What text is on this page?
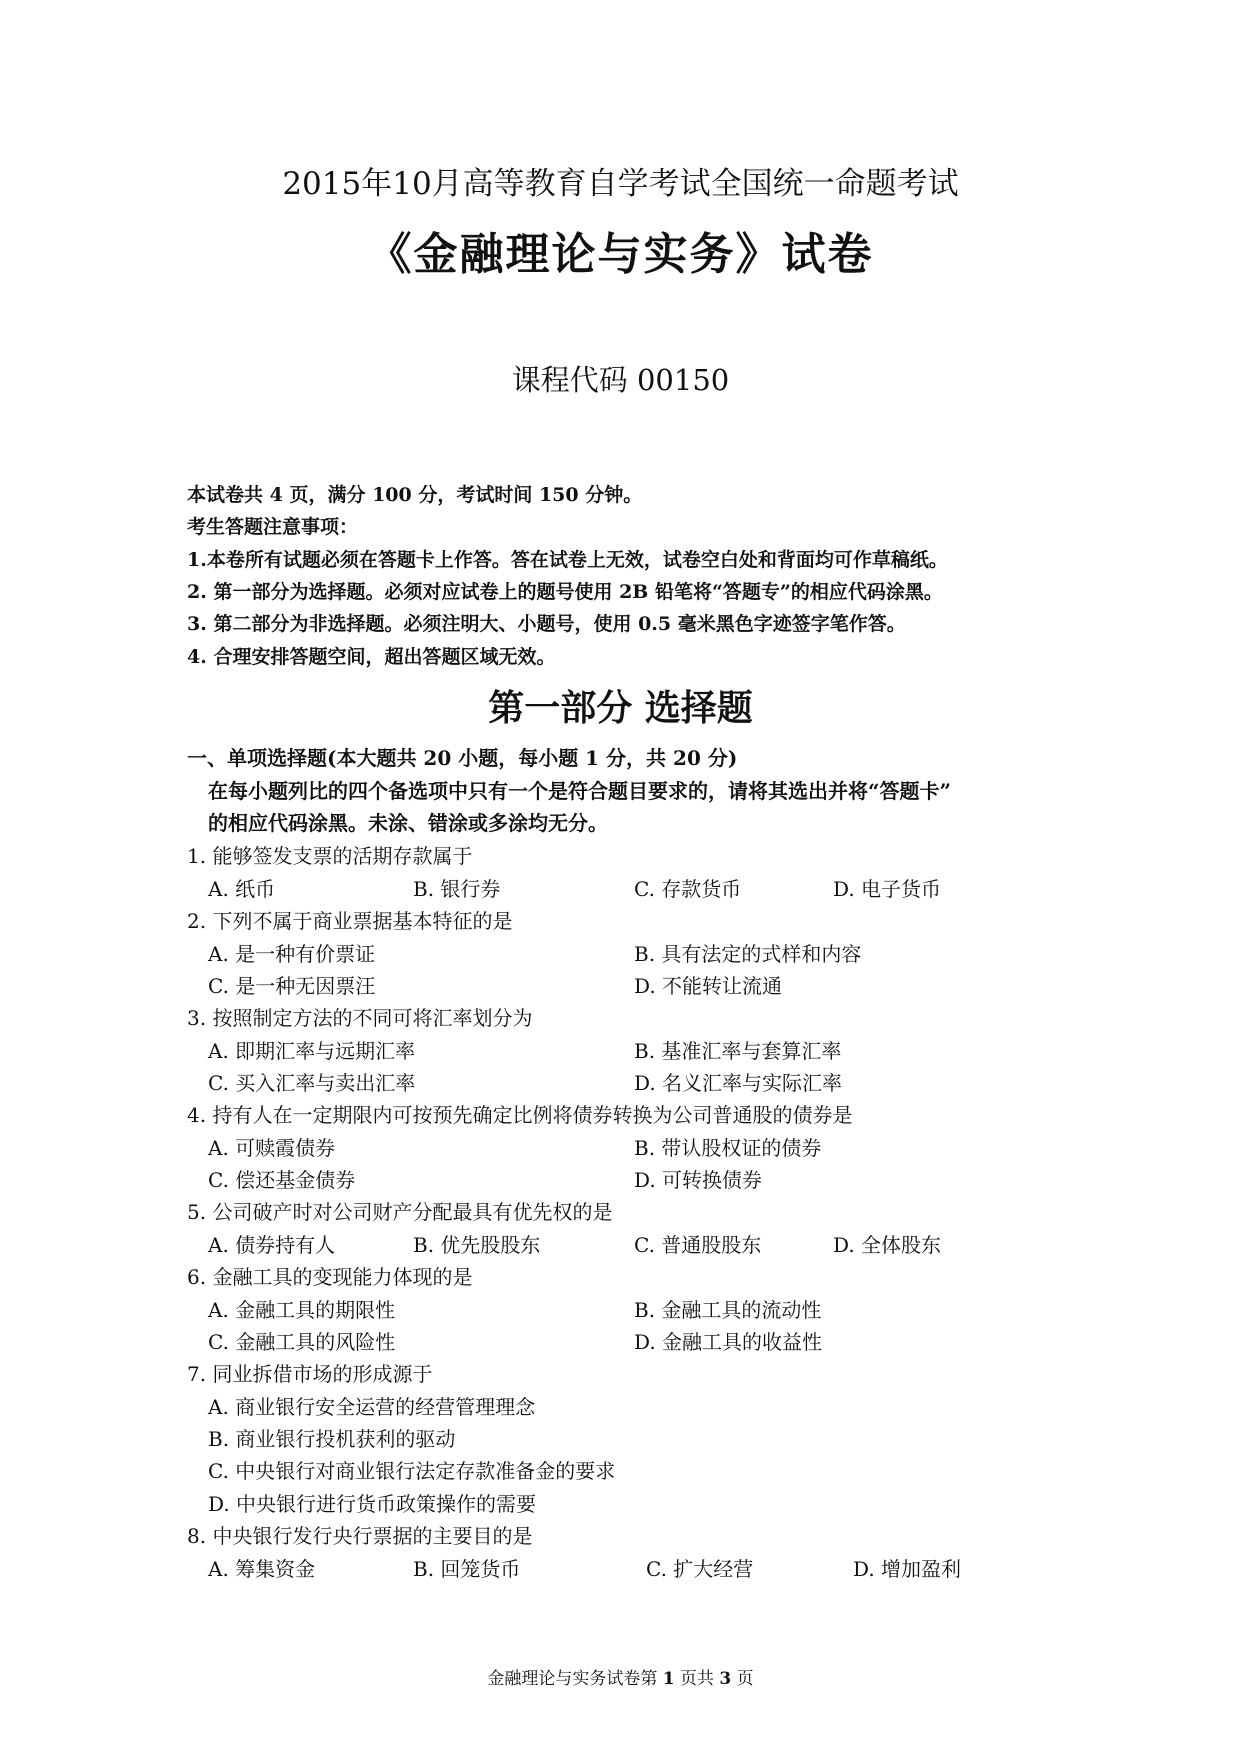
2015年10月高等教育自学考试全国统一命题考试
《金融理论与实务》试卷
课程代码 00150
本试卷共 4 页，满分 100 分，考试时间 150 分钟。
考生答题注意事项：
1.本卷所有试题必须在答题卡上作答。答在试卷上无效，试卷空白处和背面均可作草稿纸。
2. 第一部分为选择题。必须对应试卷上的题号使用 2B 铅笔将“答题专”的相应代码涂黑。
3. 第二部分为非选择题。必须注明大、小题号，使用 0.5 毫米黑色字迹签字笔作答。
4. 合理安排答题空间，超出答题区域无效。
第一部分 选择题
一、单项选择题(本大题共 20 小题，每小题 1 分，共 20 分)
在每小题列比的四个备选项中只有一个是符合题目要求的，请将其选出并将“答题卡”
的相应代码涂黑。未涂、错涂或多涂均无分。
1. 能够签发支票的活期存款属于
A. 纸币	B. 银行券	C. 存款货币	D. 电子货币
2. 下列不属于商业票据基本特征的是
A. 是一种有价票证	B. 具有法定的式样和内容
C. 是一种无因票汪	D. 不能转让流通
3. 按照制定方法的不同可将汇率划分为
A. 即期汇率与远期汇率	B. 基准汇率与套算汇率
C. 买入汇率与卖出汇率	D. 名义汇率与实际汇率
4. 持有人在一定期限内可按预先确定比例将债券转换为公司普通股的债券是
A. 可赎霞债券	B. 带认股权证的债券
C. 偿还基金债券	D. 可转换债券
5. 公司破产时对公司财产分配最具有优先权的是
A. 债券持有人	B. 优先股股东	C. 普通股股东	D. 全体股东
6. 金融工具的变现能力体现的是
A. 金融工具的期限性	B. 金融工具的流动性
C. 金融工具的风险性	D. 金融工具的收益性
7. 同业拆借市场的形成源于
A. 商业银行安全运营的经营管理理念
B. 商业银行投机获利的驱动
C. 中央银行对商业银行法定存款准备金的要求
D. 中央银行进行货币政策操作的需要
8. 中央银行发行央行票据的主要目的是
A. 筹集资金	B. 回笼货币	C. 扩大经营	D. 增加盈利
金融理论与实务试卷第 1 页共 3 页
